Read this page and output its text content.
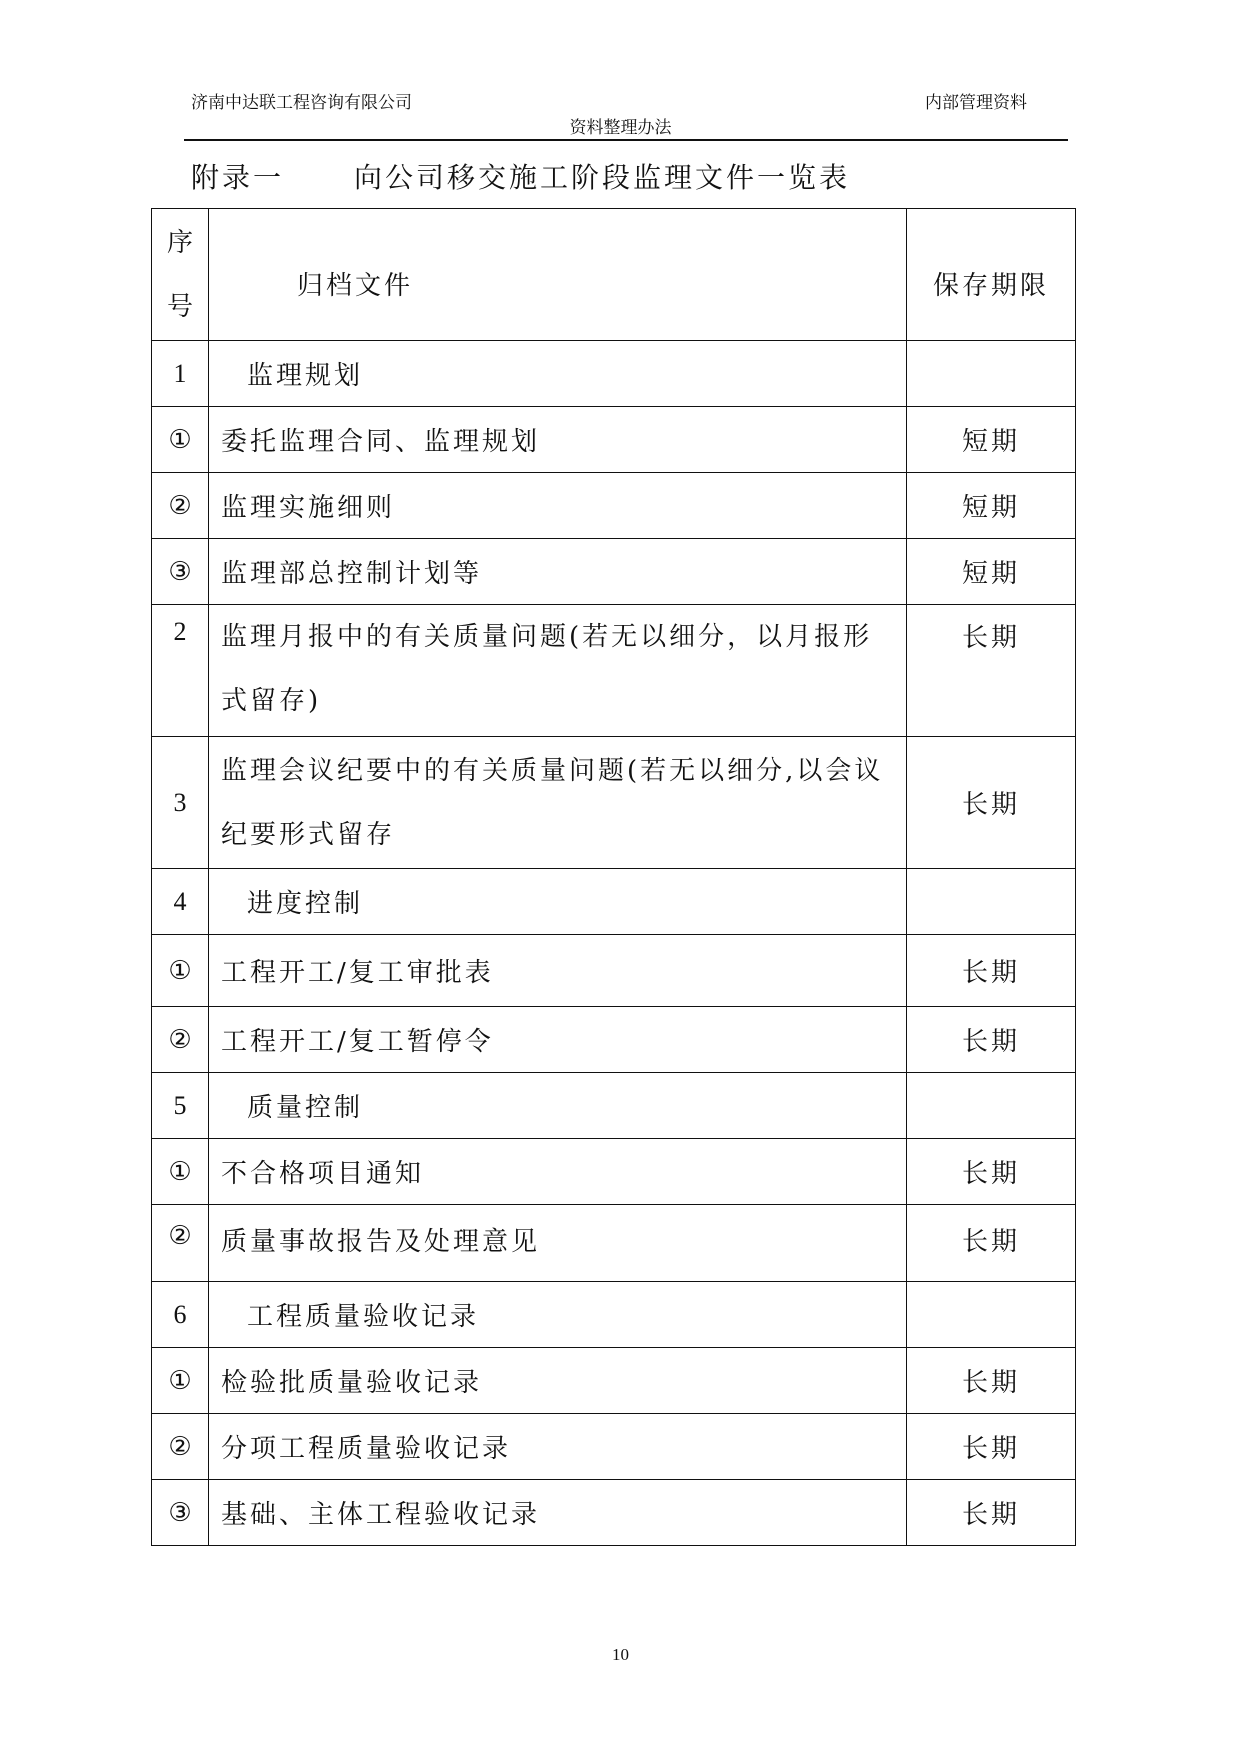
济南中达联工程咨询有限公司	内部管理资料
资料整理办法
附录一	向公司移交施工阶段监理文件一览表
序
号	归档文件	保存期限
1	监理规划	
①	委托监理合同、监理规划	短期
②	监理实施细则	短期
③	监理部总控制计划等	短期
2	监理月报中的有关质量问题(若无以细分，以月报形式留存)	长期
3	监理会议纪要中的有关质量问题(若无以细分,以会议纪要形式留存	长期
4	进度控制	
①	工程开工/复工审批表	长期
②	工程开工/复工暂停令	长期
5	质量控制	
①	不合格项目通知	长期
②	质量事故报告及处理意见	长期
6	工程质量验收记录	
①	检验批质量验收记录	长期
②	分项工程质量验收记录	长期
③	基础、主体工程验收记录	长期
10
